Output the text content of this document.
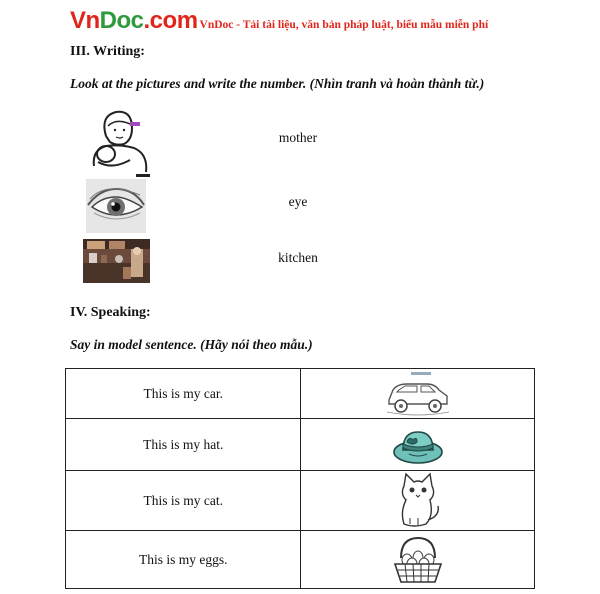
VnDoc.com VnDoc - Tải tài liệu, văn bản pháp luật, biểu mẫu miễn phí
III. Writing:
Look at the pictures and write the number. (Nhìn tranh và hoàn thành từ.)
mother
eye
kitchen
IV. Speaking:
Say in model sentence. (Hãy nói theo mẫu.)
This is my car.	

This is my hat.	

This is my cat.	

This is my eggs.	
